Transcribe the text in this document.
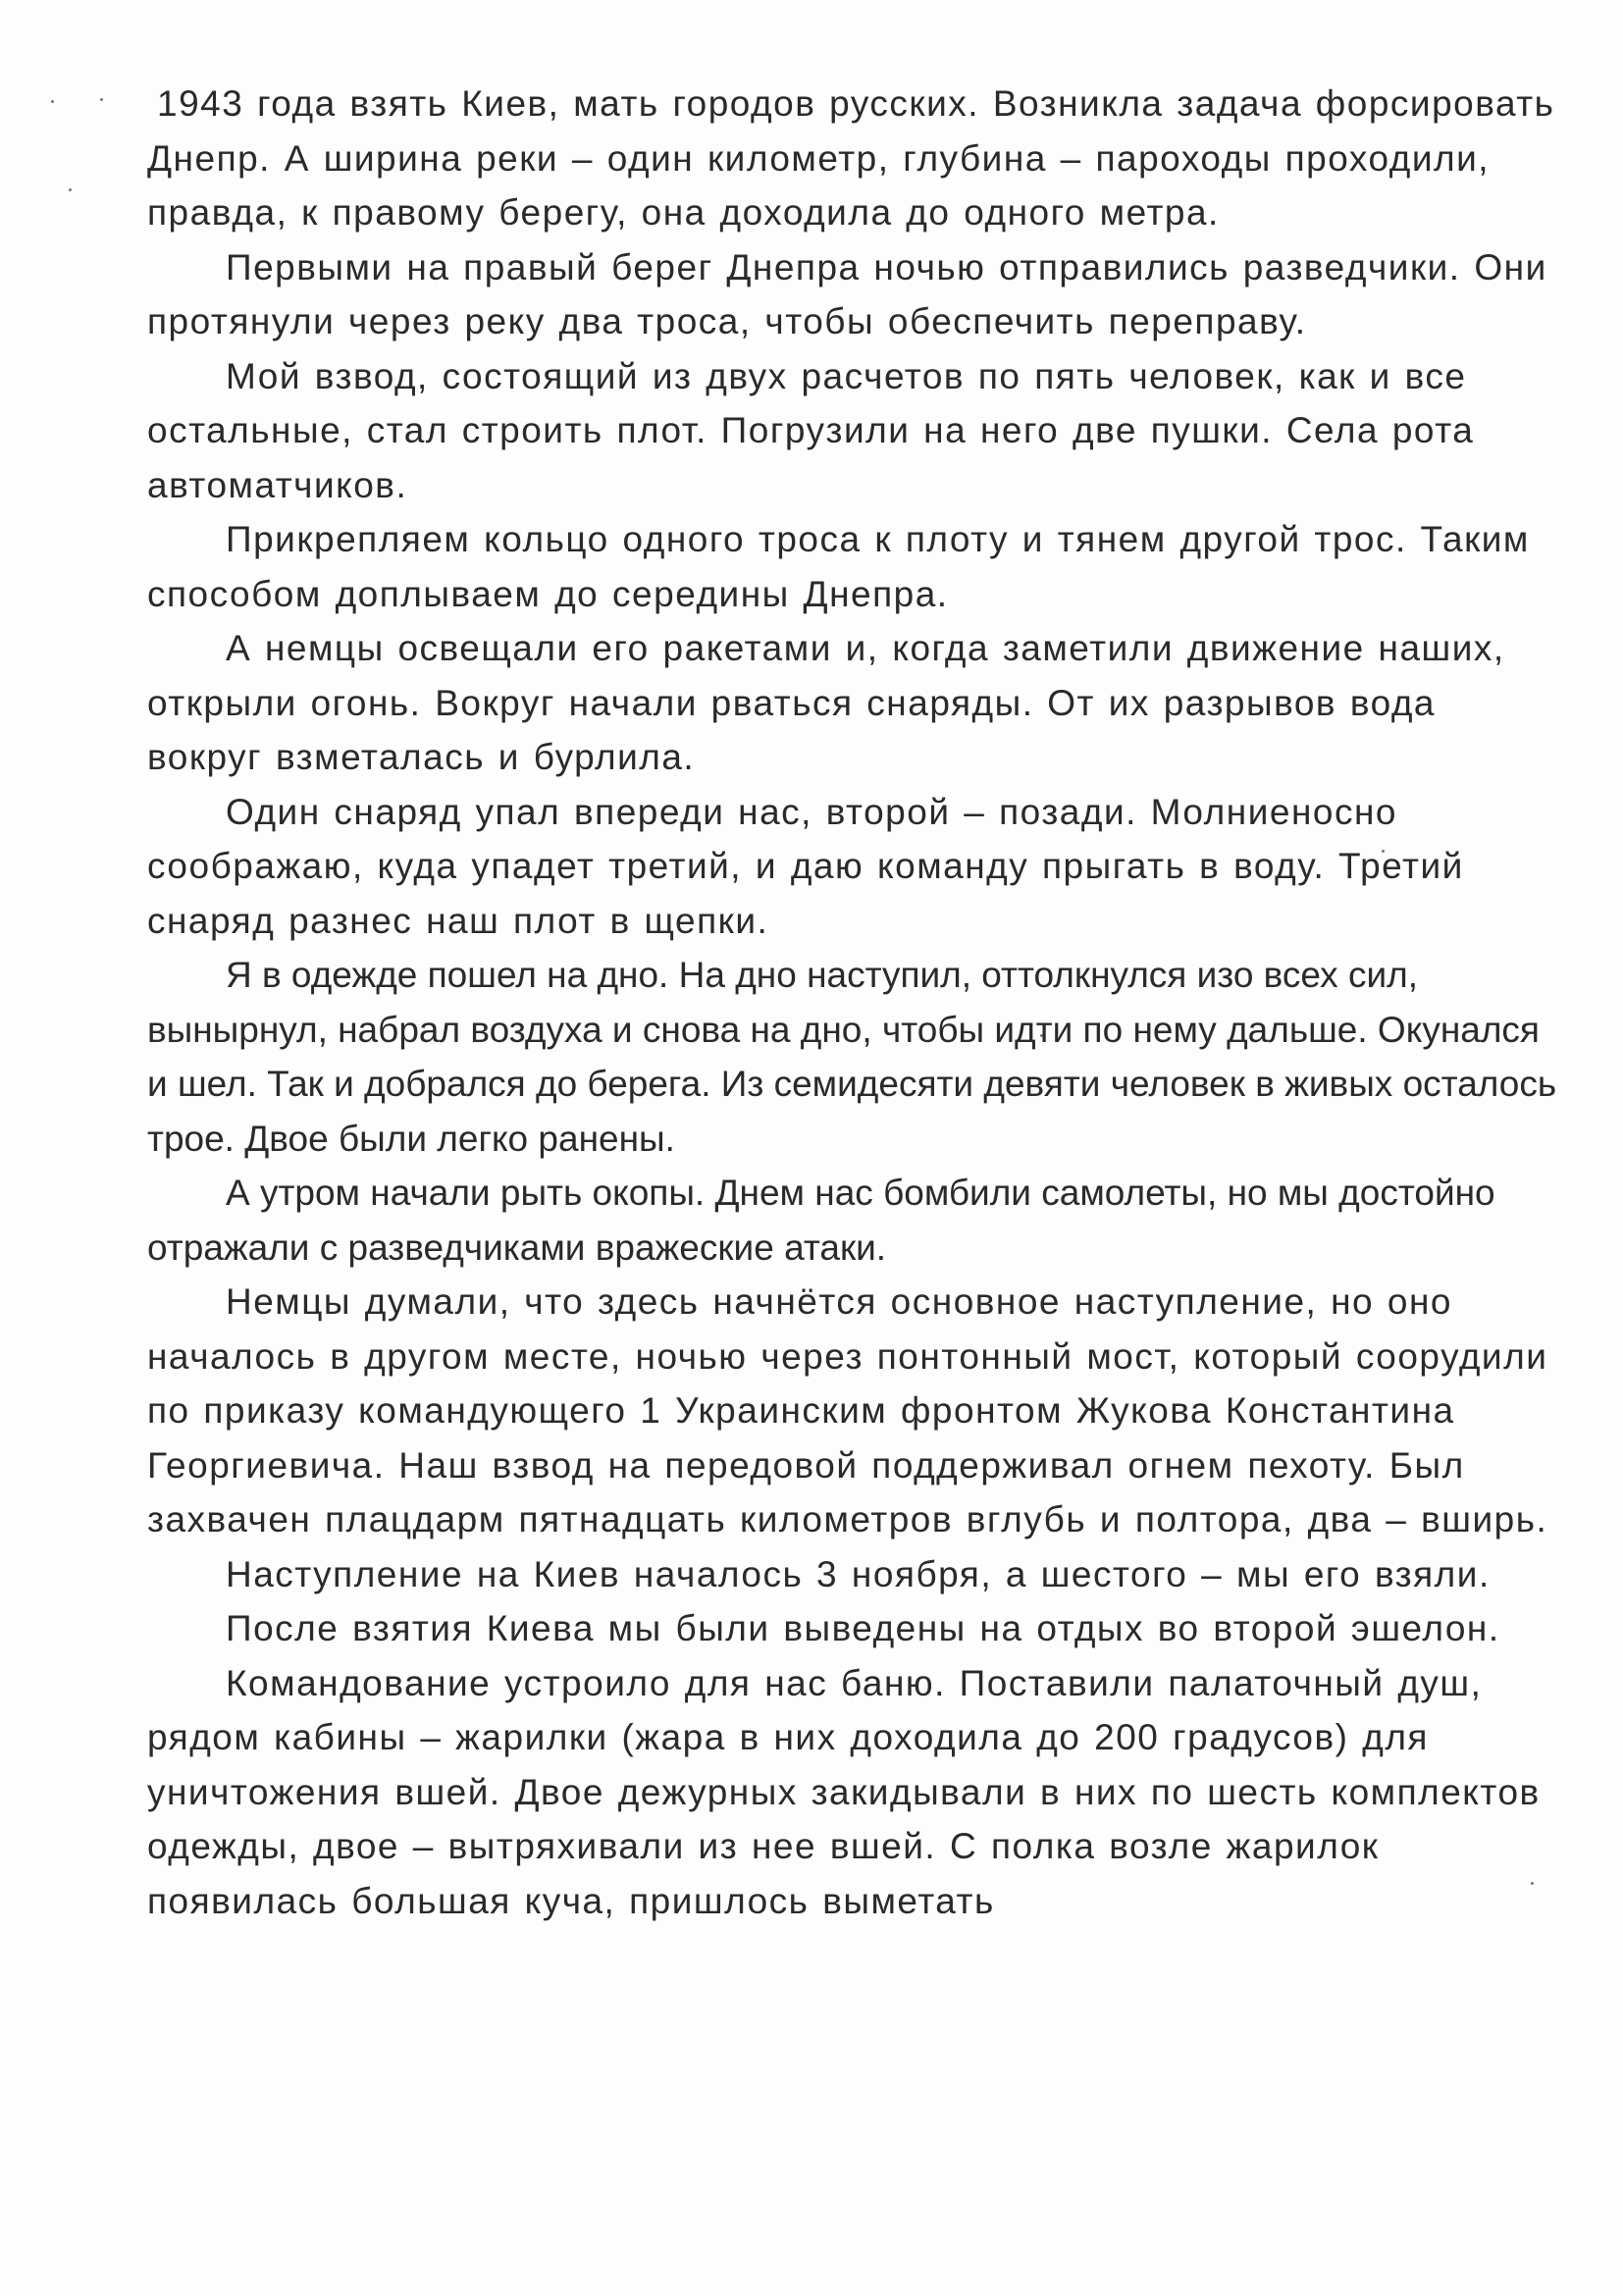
1943 года взять Киев, мать городов русских. Возникла задача форсировать Днепр. А ширина реки – один километр, глубина – пароходы проходили, правда, к правому берегу, она доходила до одного метра.

Первыми на правый берег Днепра ночью отправились разведчики. Они протянули через реку два троса, чтобы обеспечить переправу.

Мой взвод, состоящий из двух расчетов по пять человек, как и все остальные, стал строить плот. Погрузили на него две пушки. Села рота автоматчиков.

Прикрепляем кольцо одного троса к плоту и тянем другой трос. Таким способом доплываем до середины Днепра.

А немцы освещали его ракетами и, когда заметили движение наших, открыли огонь. Вокруг начали рваться снаряды. От их разрывов вода вокруг взметалась и бурлила.

Один снаряд упал впереди нас, второй – позади. Молниеносно соображаю, куда упадет третий, и даю команду прыгать в воду. Третий снаряд разнес наш плот в щепки.

Я в одежде пошел на дно. На дно наступил, оттолкнулся изо всех сил, вынырнул, набрал воздуха и снова на дно, чтобы идти по нему дальше. Окунался и шел. Так и добрался до берега. Из семидесяти девяти человек в живых осталось трое. Двое были легко ранены.

А утром начали рыть окопы. Днем нас бомбили самолеты, но мы достойно отражали с разведчиками вражеские атаки.

Немцы думали, что здесь начнётся основное наступление, но оно началось в другом месте, ночью через понтонный мост, который соорудили по приказу командующего 1 Украинским фронтом Жукова Константина Георгиевича. Наш взвод на передовой поддерживал огнем пехоту. Был захвачен плацдарм пятнадцать километров вглубь и полтора, два – вширь.

Наступление на Киев началось 3 ноября, а шестого – мы его взяли.

После взятия Киева мы были выведены на отдых во второй эшелон.

Командование устроило для нас баню. Поставили палаточный душ, рядом кабины – жарилки (жара в них доходила до 200 градусов) для уничтожения вшей. Двое дежурных закидывали в них по шесть комплектов одежды, двое – вытряхивали из нее вшей. С полка возле жарилок появилась большая куча, пришлось выметать
